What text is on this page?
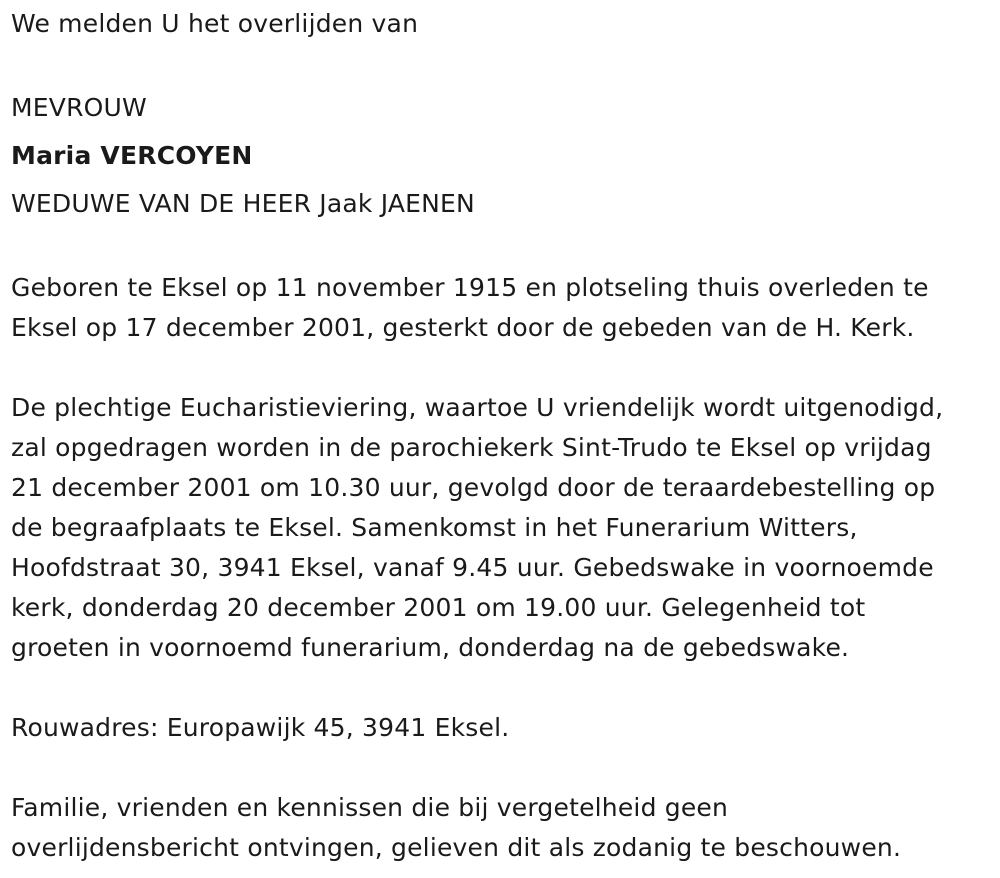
We melden U het overlijden van

MEVROUW

Maria VERCOYEN

WEDUWE VAN DE HEER Jaak JAENEN

Geboren te Eksel op 11 november 1915 en plotseling thuis overleden te
Eksel op 17 december 2001, gesterkt door de gebeden van de H. Kerk.

De plechtige Eucharistieviering, waartoe U vriendelijk wordt uitgenodigd,
zal opgedragen worden in de parochiekerk Sint-Trudo te Eksel op vrijdag
21 december 2001 om 10.30 uur, gevolgd door de teraardebestelling op
de begraafplaats te Eksel. Samenkomst in het Funerarium Witters,
Hoofdstraat 30, 3941 Eksel, vanaf 9.45 uur. Gebedswake in voornoemde
kerk, donderdag 20 december 2001 om 19.00 uur. Gelegenheid tot
groeten in voornoemd funerarium, donderdag na de gebedswake.

Rouwadres: Europawijk 45, 3941 Eksel.

Familie, vrienden en kennissen die bij vergetelheid geen
overlijdensbericht ontvingen, gelieven dit als zodanig te beschouwen.
